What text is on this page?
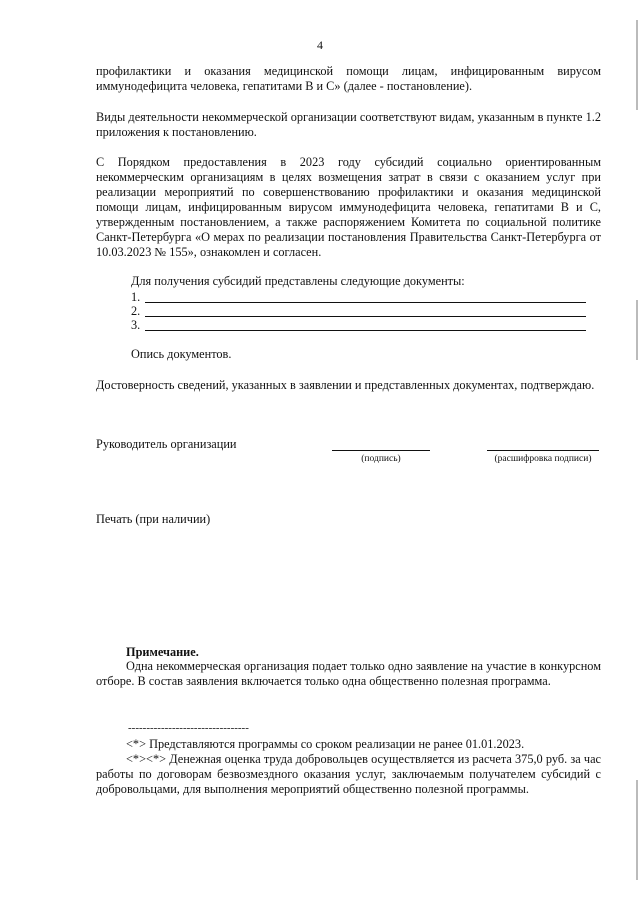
4

профилактики и оказания медицинской помощи лицам, инфицированным вирусом иммунодефицита человека, гепатитами В и С» (далее - постановление).

Виды деятельности некоммерческой организации соответствуют видам, указанным в пункте 1.2 приложения к постановлению.

С Порядком предоставления в 2023 году субсидий социально ориентированным некоммерческим организациям в целях возмещения затрат в связи с оказанием услуг при реализации мероприятий по совершенствованию профилактики и оказания медицинской помощи лицам, инфицированным вирусом иммунодефицита человека, гепатитами В и С, утвержденным постановлением, а также распоряжением Комитета по социальной политике Санкт-Петербурга «О мерах по реализации постановления Правительства Санкт-Петербурга от 10.03.2023 № 155», ознакомлен и согласен.

Для получения субсидий представлены следующие документы:

1.
2.
3.

Опись документов.

Достоверность сведений, указанных в заявлении и представленных документах, подтверждаю.

Руководитель организации

(подпись)	(расшифровка подписи)

Печать (при наличии)

Примечание.

Одна некоммерческая организация подает только одно заявление на участие в конкурсном отборе. В состав заявления включается только одна общественно полезная программа.

---------------------------------

<*> Представляются программы со сроком реализации не ранее 01.01.2023.

<*><*> Денежная оценка труда добровольцев осуществляется из расчета 375,0 руб. за час работы по договорам безвозмездного оказания услуг, заключаемым получателем субсидий с добровольцами, для выполнения мероприятий общественно полезной программы.
